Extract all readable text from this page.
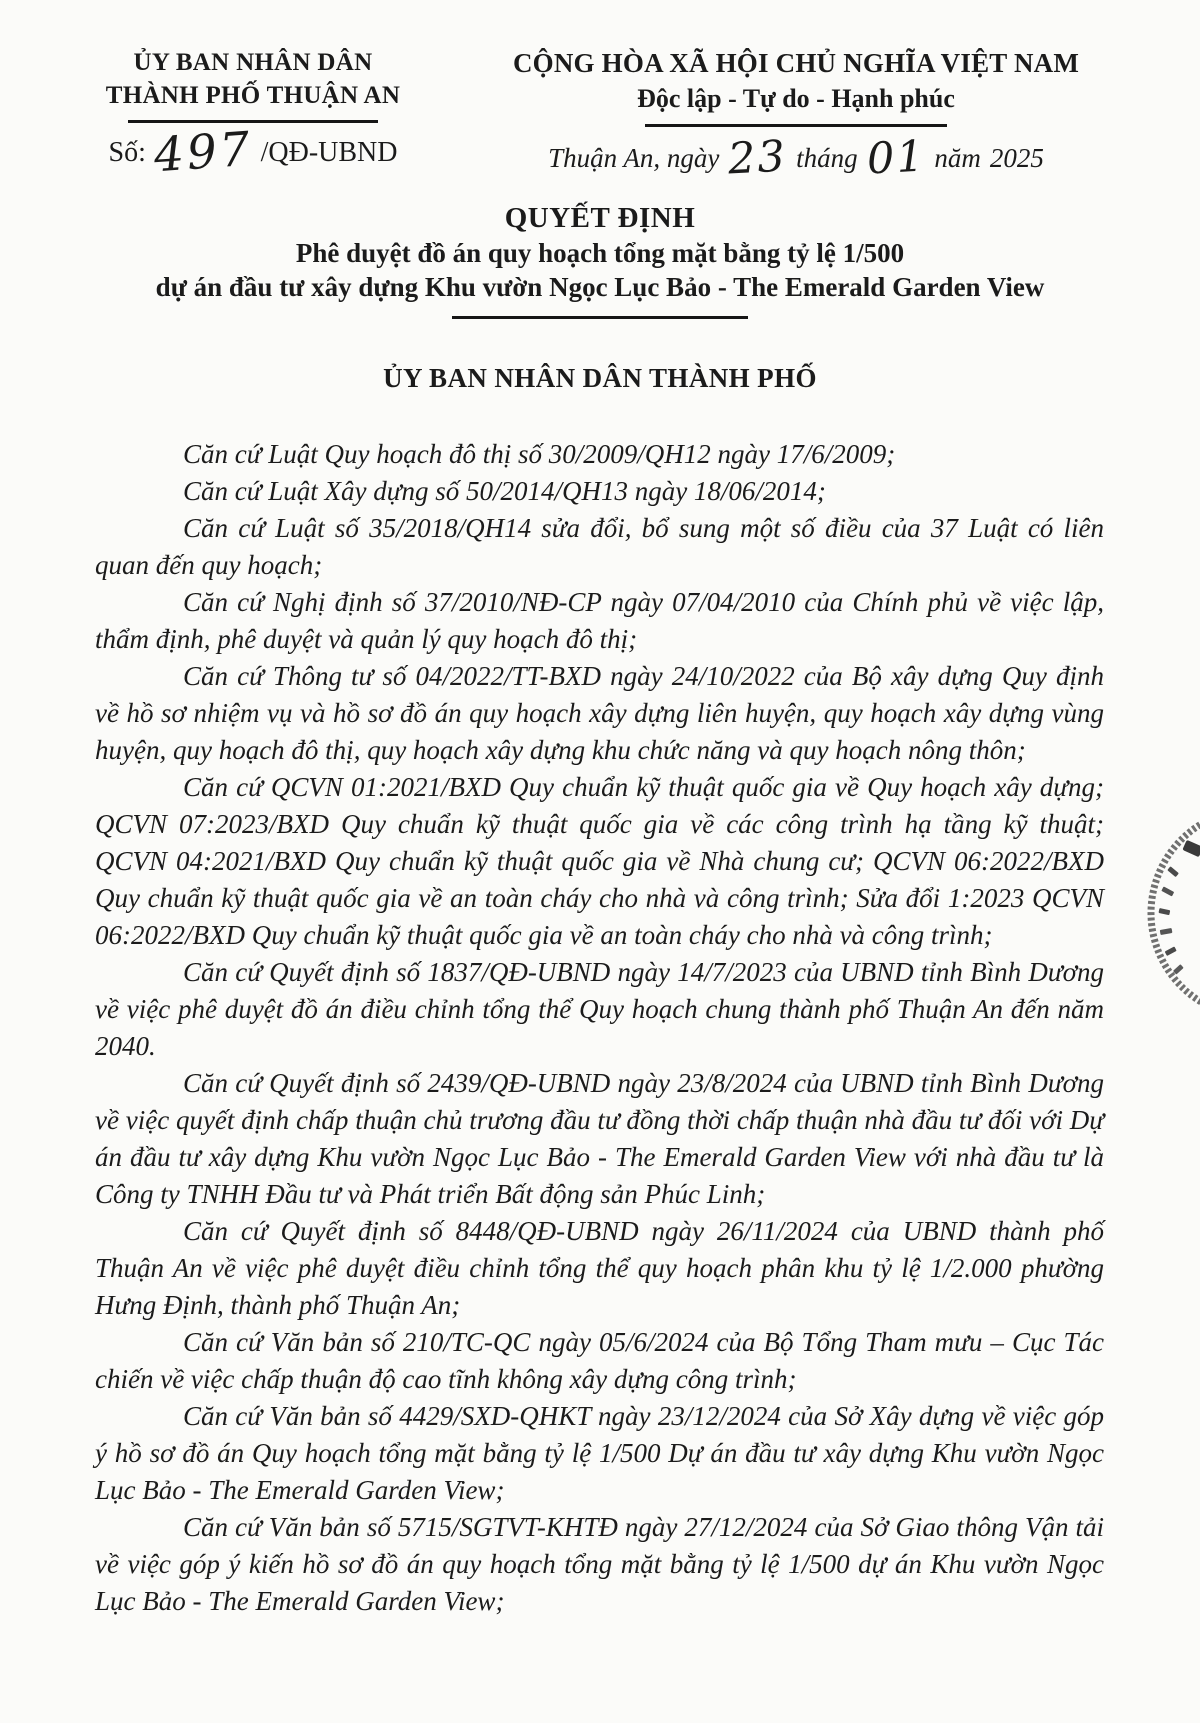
ỦY BAN NHÂN DÂN
THÀNH PHỐ THUẬN AN
Số: 497 /QĐ-UBND
CỘNG HÒA XÃ HỘI CHỦ NGHĨA VIỆT NAM
Độc lập - Tự do - Hạnh phúc
Thuận An, ngày 23 tháng 01 năm 2025
QUYẾT ĐỊNH
Phê duyệt đồ án quy hoạch tổng mặt bằng tỷ lệ 1/500
dự án đầu tư xây dựng Khu vườn Ngọc Lục Bảo - The Emerald Garden View
ỦY BAN NHÂN DÂN THÀNH PHỐ

Căn cứ Luật Quy hoạch đô thị số 30/2009/QH12 ngày 17/6/2009;

Căn cứ Luật Xây dựng số 50/2014/QH13 ngày 18/06/2014;

Căn cứ Luật số 35/2018/QH14 sửa đổi, bổ sung một số điều của 37 Luật có liên quan đến quy hoạch;

Căn cứ Nghị định số 37/2010/NĐ-CP ngày 07/04/2010 của Chính phủ về việc lập, thẩm định, phê duyệt và quản lý quy hoạch đô thị;

Căn cứ Thông tư số 04/2022/TT-BXD ngày 24/10/2022 của Bộ xây dựng Quy định về hồ sơ nhiệm vụ và hồ sơ đồ án quy hoạch xây dựng liên huyện, quy hoạch xây dựng vùng huyện, quy hoạch đô thị, quy hoạch xây dựng khu chức năng và quy hoạch nông thôn;

Căn cứ QCVN 01:2021/BXD Quy chuẩn kỹ thuật quốc gia về Quy hoạch xây dựng; QCVN 07:2023/BXD Quy chuẩn kỹ thuật quốc gia về các công trình hạ tầng kỹ thuật; QCVN 04:2021/BXD Quy chuẩn kỹ thuật quốc gia về Nhà chung cư; QCVN 06:2022/BXD Quy chuẩn kỹ thuật quốc gia về an toàn cháy cho nhà và công trình; Sửa đổi 1:2023 QCVN 06:2022/BXD Quy chuẩn kỹ thuật quốc gia về an toàn cháy cho nhà và công trình;

Căn cứ Quyết định số 1837/QĐ-UBND ngày 14/7/2023 của UBND tỉnh Bình Dương về việc phê duyệt đồ án điều chỉnh tổng thể Quy hoạch chung thành phố Thuận An đến năm 2040.

Căn cứ Quyết định số 2439/QĐ-UBND ngày 23/8/2024 của UBND tỉnh Bình Dương về việc quyết định chấp thuận chủ trương đầu tư đồng thời chấp thuận nhà đầu tư đối với Dự án đầu tư xây dựng Khu vườn Ngọc Lục Bảo - The Emerald Garden View với nhà đầu tư là Công ty TNHH Đầu tư và Phát triển Bất động sản Phúc Linh;

Căn cứ Quyết định số 8448/QĐ-UBND ngày 26/11/2024 của UBND thành phố Thuận An về việc phê duyệt điều chỉnh tổng thể quy hoạch phân khu tỷ lệ 1/2.000 phường Hưng Định, thành phố Thuận An;

Căn cứ Văn bản số 210/TC-QC ngày 05/6/2024 của Bộ Tổng Tham mưu – Cục Tác chiến về việc chấp thuận độ cao tĩnh không xây dựng công trình;

Căn cứ Văn bản số 4429/SXD-QHKT ngày 23/12/2024 của Sở Xây dựng về việc góp ý hồ sơ đồ án Quy hoạch tổng mặt bằng tỷ lệ 1/500 Dự án đầu tư xây dựng Khu vườn Ngọc Lục Bảo - The Emerald Garden View;

Căn cứ Văn bản số 5715/SGTVT-KHTĐ ngày 27/12/2024 của Sở Giao thông Vận tải về việc góp ý kiến hồ sơ đồ án quy hoạch tổng mặt bằng tỷ lệ 1/500 dự án Khu vườn Ngọc Lục Bảo - The Emerald Garden View;
